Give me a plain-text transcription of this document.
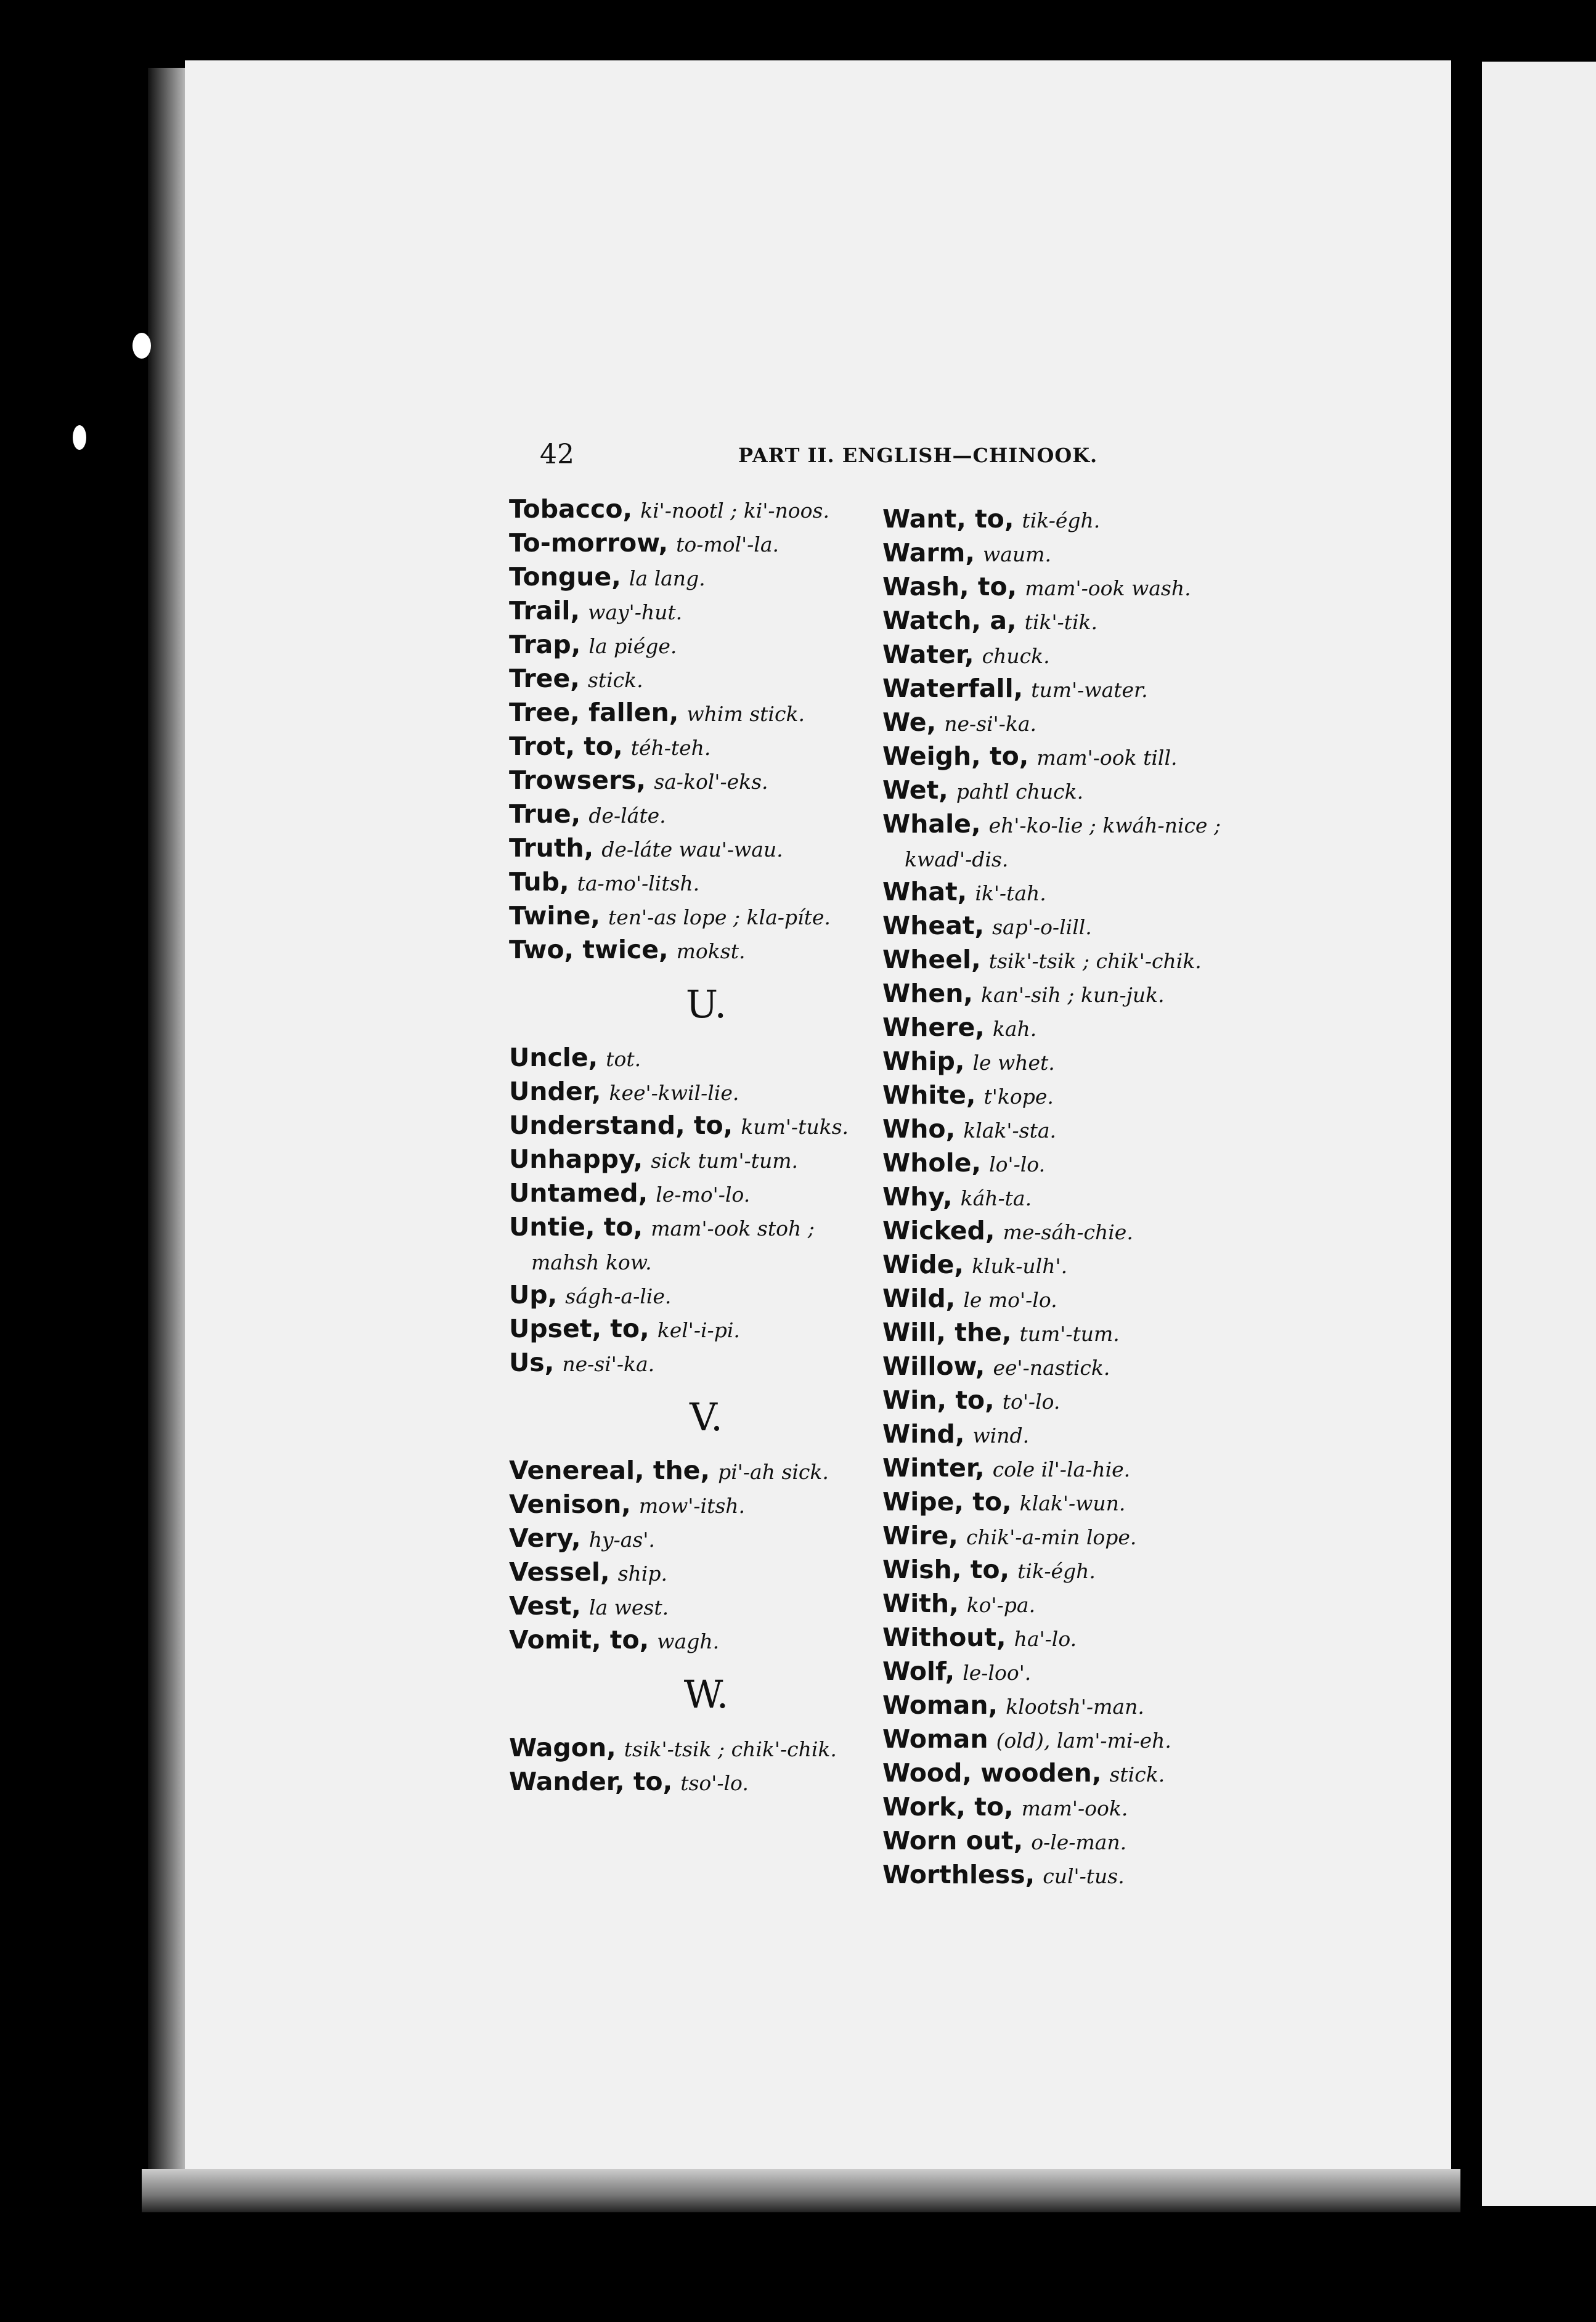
42	PART II. ENGLISH—CHINOOK.
Tobacco, ki'-nootl ; ki'-noos.
To-morrow, to-mol'-la.
Tongue, la lang.
Trail, way'-hut.
Trap, la piége.
Tree, stick.
Tree, fallen, whim stick.
Trot, to, téh-teh.
Trowsers, sa-kol'-eks.
True, de-láte.
Truth, de-láte wau'-wau.
Tub, ta-mo'-litsh.
Twine, ten'-as lope ; kla-píte.
Two, twice, mokst.
U.
Uncle, tot.
Under, kee'-kwil-lie.
Understand, to, kum'-tuks.
Unhappy, sick tum'-tum.
Untamed, le-mo'-lo.
Untie, to, mam'-ook stoh ;
mahsh kow.
Up, ságh-a-lie.
Upset, to, kel'-i-pi.
Us, ne-si'-ka.
V.
Venereal, the, pi'-ah sick.
Venison, mow'-itsh.
Very, hy-as'.
Vessel, ship.
Vest, la west.
Vomit, to, wagh.
W.
Wagon, tsik'-tsik ; chik'-chik.
Wander, to, tso'-lo.
Want, to, tik-égh.
Warm, waum.
Wash, to, mam'-ook wash.
Watch, a, tik'-tik.
Water, chuck.
Waterfall, tum'-water.
We, ne-si'-ka.
Weigh, to, mam'-ook till.
Wet, pahtl chuck.
Whale, eh'-ko-lie ; kwáh-nice ;
kwad'-dis.
What, ik'-tah.
Wheat, sap'-o-lill.
Wheel, tsik'-tsik ; chik'-chik.
When, kan'-sih ; kun-juk.
Where, kah.
Whip, le whet.
White, t'kope.
Who, klak'-sta.
Whole, lo'-lo.
Why, káh-ta.
Wicked, me-sáh-chie.
Wide, kluk-ulh'.
Wild, le mo'-lo.
Will, the, tum'-tum.
Willow, ee'-nastick.
Win, to, to'-lo.
Wind, wind.
Winter, cole il'-la-hie.
Wipe, to, klak'-wun.
Wire, chik'-a-min lope.
Wish, to, tik-égh.
With, ko'-pa.
Without, ha'-lo.
Wolf, le-loo'.
Woman, klootsh'-man.
Woman (old), lam'-mi-eh.
Wood, wooden, stick.
Work, to, mam'-ook.
Worn out, o-le-man.
Worthless, cul'-tus.
